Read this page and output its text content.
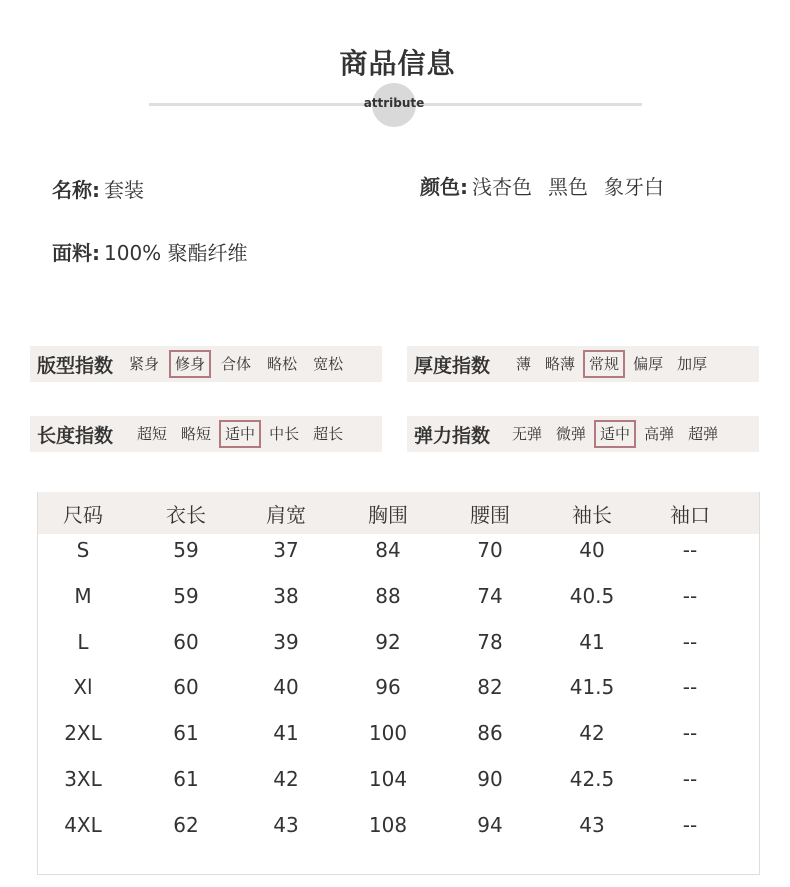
商品信息
attribute
名称: 套装	颜色: 浅杏色 黑色 象牙白
面料: 100% 聚酯纤维
版型指数	紧身	修身	合体	略松	宽松	厚度指数	薄 略薄 常规 偏厚 加厚
长度指数	超短 略短 适中 中长 超长	弹力指数	无弹 微弹 适中 高弹 超弹
尺码	衣长	肩宽	胸围	腰围	袖长	袖口
S	59	37	84	70	40	--
M	59	38	88	74	40.5	--
L	60	39	92	78	41	--
Xl	60	40	96	82	41.5	--
2XL	61	41	100	86	42	--
3XL	61	42	104	90	42.5	--
4XL	62	43	108	94	43	--
